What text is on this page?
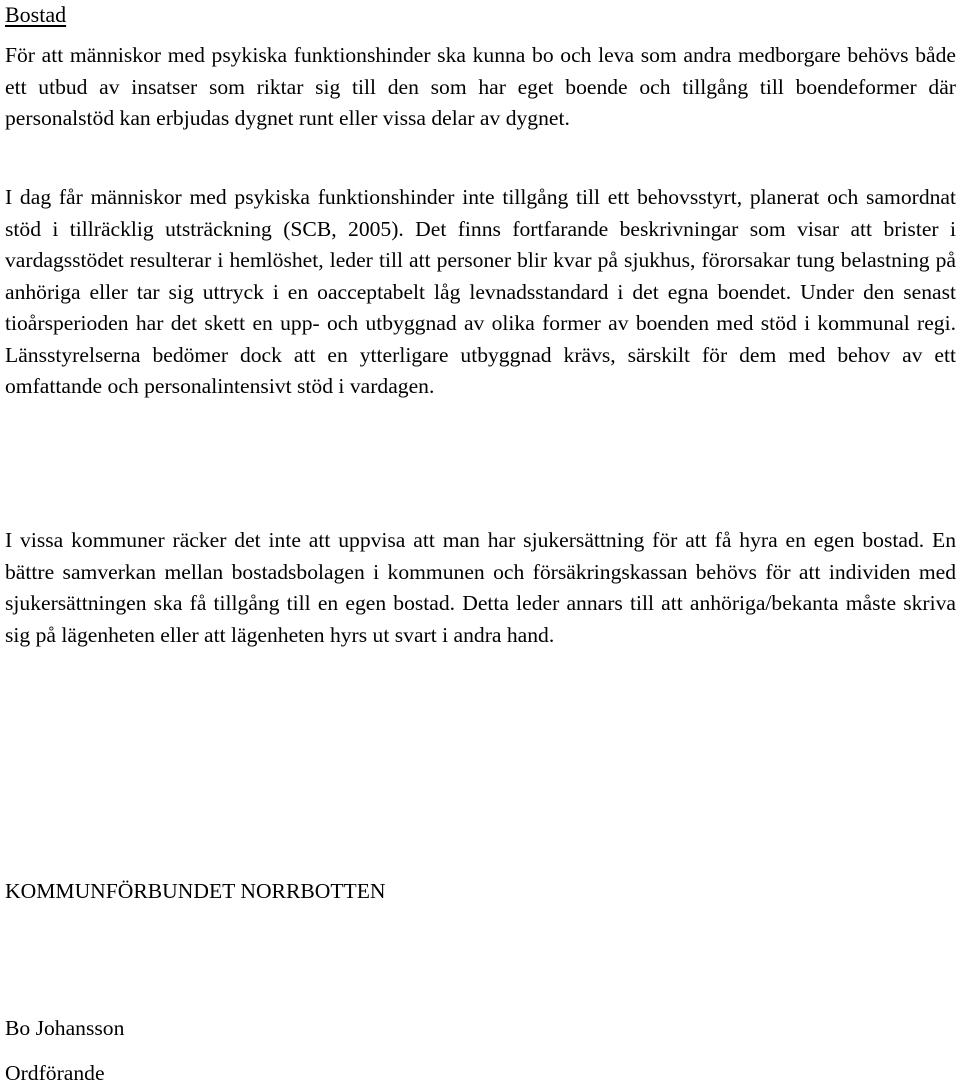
Bostad

För att människor med psykiska funktionshinder ska kunna bo och leva som andra medborgare behövs både ett utbud av insatser som riktar sig till den som har eget boende och tillgång till boendeformer där personalstöd kan erbjudas dygnet runt eller vissa delar av dygnet.

I dag får människor med psykiska funktionshinder inte tillgång till ett behovsstyrt, planerat och samordnat stöd i tillräcklig utsträckning (SCB, 2005). Det finns fortfarande beskrivningar som visar att brister i vardagsstödet resulterar i hemlöshet, leder till att personer blir kvar på sjukhus, förorsakar tung belastning på anhöriga eller tar sig uttryck i en oacceptabelt låg levnadsstandard i det egna boendet. Under den senast tioårsperioden har det skett en upp- och utbyggnad av olika former av boenden med stöd i kommunal regi. Länsstyrelserna bedömer dock att en ytterligare utbyggnad krävs, särskilt för dem med behov av ett omfattande och personalintensivt stöd i vardagen.

I vissa kommuner räcker det inte att uppvisa att man har sjukersättning för att få hyra en egen bostad. En bättre samverkan mellan bostadsbolagen i kommunen och försäkringskassan behövs för att individen med sjukersättningen ska få tillgång till en egen bostad. Detta leder annars till att anhöriga/bekanta måste skriva sig på lägenheten eller att lägenheten hyrs ut svart i andra hand.

KOMMUNFÖRBUNDET NORRBOTTEN

Bo Johansson

Ordförande
